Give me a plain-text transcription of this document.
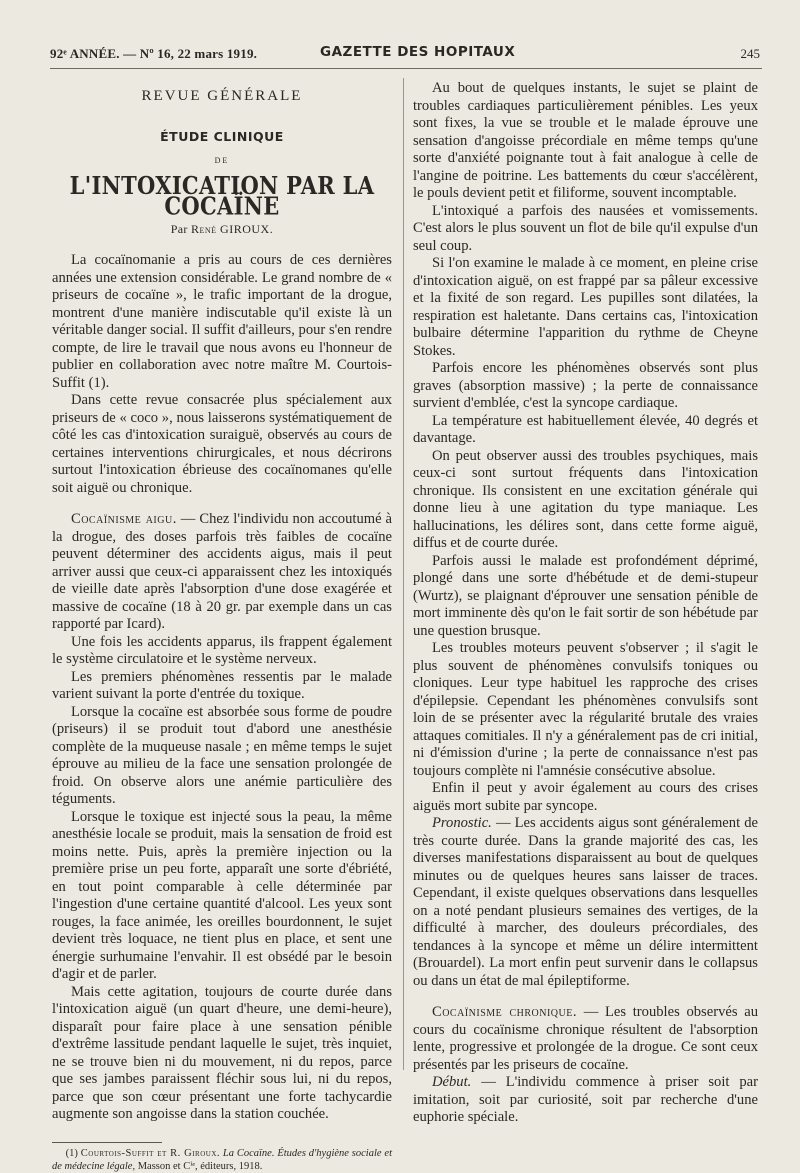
92ᵉ ANNÉE. — Nº 16, 22 mars 1919.	GAZETTE DES HOPITAUX	245
REVUE GÉNÉRALE
ÉTUDE CLINIQUE
DE
L'INTOXICATION PAR LA COCAÏNE
Par René GIROUX.

La cocaïnomanie a pris au cours de ces dernières années une extension considérable. Le grand nombre de « priseurs de cocaïne », le trafic important de la drogue, montrent d'une manière indiscutable qu'il existe là un véritable danger social. Il suffit d'ailleurs, pour s'en rendre compte, de lire le travail que nous avons eu l'honneur de publier en collaboration avec notre maître M. Courtois-Suffit (1).

Dans cette revue consacrée plus spécialement aux priseurs de « coco », nous laisserons systématiquement de côté les cas d'intoxication suraiguë, observés au cours de certaines interventions chirurgicales, et nous décrirons surtout l'intoxication ébrieuse des cocaïnomanes qu'elle soit aiguë ou chronique.

Cocaïnisme aigu. — Chez l'individu non accoutumé à la drogue, des doses parfois très faibles de cocaïne peuvent déterminer des accidents aigus, mais il peut arriver aussi que ceux-ci apparaissent chez les intoxiqués de vieille date après l'absorption d'une dose exagérée et massive de cocaïne (18 à 20 gr. par exemple dans un cas rapporté par Icard).

Une fois les accidents apparus, ils frappent également le système circulatoire et le système nerveux.

Les premiers phénomènes ressentis par le malade varient suivant la porte d'entrée du toxique.

Lorsque la cocaïne est absorbée sous forme de poudre (priseurs) il se produit tout d'abord une anesthésie complète de la muqueuse nasale ; en même temps le sujet éprouve au milieu de la face une sensation prolongée de froid. On observe alors une anémie particulière des téguments.

Lorsque le toxique est injecté sous la peau, la même anesthésie locale se produit, mais la sensation de froid est moins nette. Puis, après la première injection ou la première prise un peu forte, apparaît une sorte d'ébriété, en tout point comparable à celle déterminée par l'ingestion d'une certaine quantité d'alcool. Les yeux sont rouges, la face animée, les oreilles bourdonnent, le sujet devient très loquace, ne tient plus en place, et sent une énergie surhumaine l'envahir. Il est obsédé par le besoin d'agir et de parler.

Mais cette agitation, toujours de courte durée dans l'intoxication aiguë (un quart d'heure, une demi-heure), disparaît pour faire place à une sensation pénible d'extrême lassitude pendant laquelle le sujet, très inquiet, ne se trouve bien ni du mouvement, ni du repos, parce que ses jambes paraissent fléchir sous lui, ni du repos, parce que son cœur présentant une forte tachycardie augmente son angoisse dans la station couchée.

(1) Courtois-Suffit et R. Giroux. La Cocaïne. Études d'hygiène sociale et de médecine légale, Masson et Cⁱᵉ, éditeurs, 1918.

Au bout de quelques instants, le sujet se plaint de troubles cardiaques particulièrement pénibles. Les yeux sont fixes, la vue se trouble et le malade éprouve une sensation d'angoisse précordiale en même temps qu'une sorte d'anxiété poignante tout à fait analogue à celle de l'angine de poitrine. Les battements du cœur s'accélèrent, le pouls devient petit et filiforme, souvent incomptable.

L'intoxiqué a parfois des nausées et vomissements. C'est alors le plus souvent un flot de bile qu'il expulse d'un seul coup.

Si l'on examine le malade à ce moment, en pleine crise d'intoxication aiguë, on est frappé par sa pâleur excessive et la fixité de son regard. Les pupilles sont dilatées, la respiration est haletante. Dans certains cas, l'intoxication bulbaire détermine l'apparition du rythme de Cheyne Stokes.

Parfois encore les phénomènes observés sont plus graves (absorption massive) ; la perte de connaissance survient d'emblée, c'est la syncope cardiaque.

La température est habituellement élevée, 40 degrés et davantage.

On peut observer aussi des troubles psychiques, mais ceux-ci sont surtout fréquents dans l'intoxication chronique. Ils consistent en une excitation générale qui donne lieu à une agitation du type maniaque. Les hallucinations, les délires sont, dans cette forme aiguë, diffus et de courte durée.

Parfois aussi le malade est profondément déprimé, plongé dans une sorte d'hébétude et de demi-stupeur (Wurtz), se plaignant d'éprouver une sensation pénible de mort imminente dès qu'on le fait sortir de son hébétude par une question brusque.

Les troubles moteurs peuvent s'observer ; il s'agit le plus souvent de phénomènes convulsifs toniques ou cloniques. Leur type habituel les rapproche des crises d'épilepsie. Cependant les phénomènes convulsifs sont loin de se présenter avec la régularité brutale des vraies attaques comitiales. Il n'y a généralement pas de cri initial, ni d'émission d'urine ; la perte de connaissance n'est pas toujours complète ni l'amnésie consécutive absolue.

Enfin il peut y avoir également au cours des crises aiguës mort subite par syncope.

Pronostic. — Les accidents aigus sont généralement de très courte durée. Dans la grande majorité des cas, les diverses manifestations disparaissent au bout de quelques minutes ou de quelques heures sans laisser de traces. Cependant, il existe quelques observations dans lesquelles on a noté pendant plusieurs semaines des vertiges, de la difficulté à marcher, des douleurs précordiales, des tendances à la syncope et même un délire intermittent (Brouardel). La mort enfin peut survenir dans le collapsus ou dans un état de mal épileptiforme.

Cocaïnisme chronique. — Les troubles observés au cours du cocaïnisme chronique résultent de l'absorption lente, progressive et prolongée de la drogue. Ce sont ceux présentés par les priseurs de cocaïne.

Début. — L'individu commence à priser soit par imitation, soit par curiosité, soit par recherche d'une euphorie spéciale.
